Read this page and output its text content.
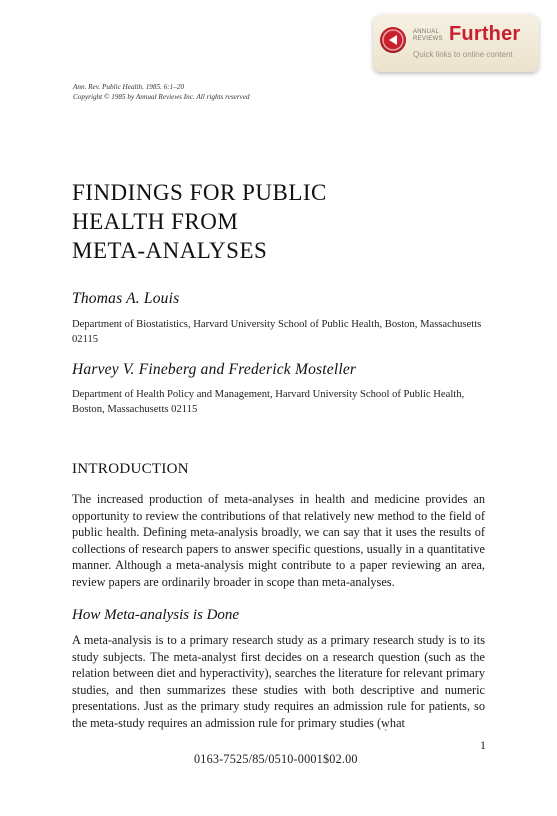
ANNUAL
REVIEWS Further
Quick links to online content
Ann. Rev. Public Health. 1985. 6:1–20
Copyright © 1985 by Annual Reviews Inc. All rights reserved
FINDINGS FOR PUBLIC
HEALTH FROM
META-ANALYSES
Thomas A. Louis
Department of Biostatistics, Harvard University School of Public Health, Boston, Massachusetts 02115
Harvey V. Fineberg and Frederick Mosteller
Department of Health Policy and Management, Harvard University School of Public Health, Boston, Massachusetts 02115
INTRODUCTION
The increased production of meta-analyses in health and medicine provides an opportunity to review the contributions of that relatively new method to the field of public health. Defining meta-analysis broadly, we can say that it uses the results of collections of research papers to answer specific questions, usually in a quantitative manner. Although a meta-analysis might contribute to a paper reviewing an area, review papers are ordinarily broader in scope than meta-analyses.
How Meta-analysis is Done
A meta-analysis is to a primary research study as a primary research study is to its study subjects. The meta-analyst first decides on a research question (such as the relation between diet and hyperactivity), searches the literature for relevant primary studies, and then summarizes these studies with both descriptive and numeric presentations. Just as the primary study requires an admission rule for patients, so the meta-study requires an admission rule for primary studies (what
`
1
0163-7525/85/0510-0001$02.00
